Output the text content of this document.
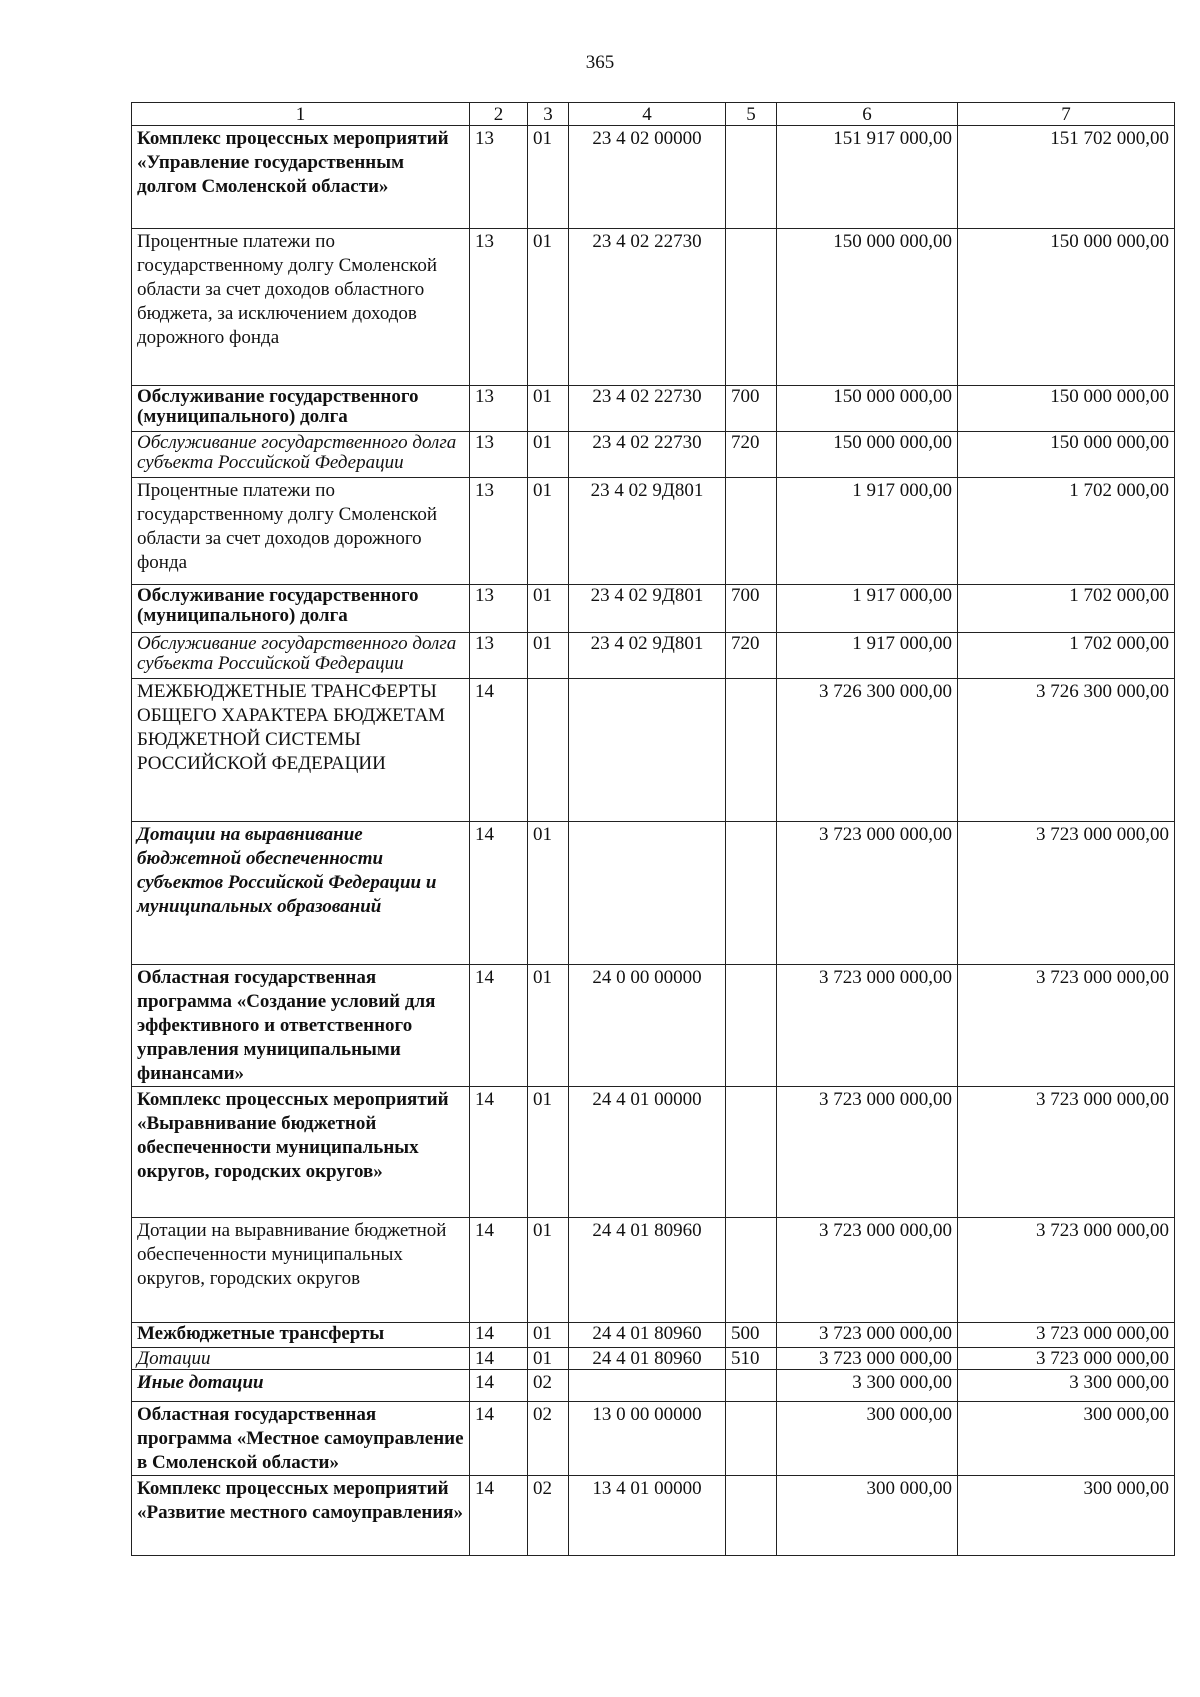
365
1	2	3	4	5	6	7
Комплекс процессных мероприятий «Управление государственным долгом Смоленской области»	13	01	23 4 02 00000		151 917 000,00	151 702 000,00
Процентные платежи по государственному долгу Смоленской области за счет доходов областного бюджета, за исключением доходов дорожного фонда	13	01	23 4 02 22730		150 000 000,00	150 000 000,00
Обслуживание государственного (муниципального) долга	13	01	23 4 02 22730	700	150 000 000,00	150 000 000,00
Обслуживание государственного долга субъекта Российской Федерации	13	01	23 4 02 22730	720	150 000 000,00	150 000 000,00
Процентные платежи по государственному долгу Смоленской области за счет доходов дорожного фонда	13	01	23 4 02 9Д801		1 917 000,00	1 702 000,00
Обслуживание государственного (муниципального) долга	13	01	23 4 02 9Д801	700	1 917 000,00	1 702 000,00
Обслуживание государственного долга субъекта Российской Федерации	13	01	23 4 02 9Д801	720	1 917 000,00	1 702 000,00
МЕЖБЮДЖЕТНЫЕ ТРАНСФЕРТЫ ОБЩЕГО ХАРАКТЕРА БЮДЖЕТАМ БЮДЖЕТНОЙ СИСТЕМЫ РОССИЙСКОЙ ФЕДЕРАЦИИ	14				3 726 300 000,00	3 726 300 000,00
Дотации на выравнивание бюджетной обеспеченности субъектов Российской Федерации и муниципальных образований	14	01			3 723 000 000,00	3 723 000 000,00
Областная государственная программа «Создание условий для эффективного и ответственного управления муниципальными финансами»	14	01	24 0 00 00000		3 723 000 000,00	3 723 000 000,00
Комплекс процессных мероприятий «Выравнивание бюджетной обеспеченности муниципальных округов, городских округов»	14	01	24 4 01 00000		3 723 000 000,00	3 723 000 000,00
Дотации на выравнивание бюджетной обеспеченности муниципальных округов, городских округов	14	01	24 4 01 80960		3 723 000 000,00	3 723 000 000,00
Межбюджетные трансферты	14	01	24 4 01 80960	500	3 723 000 000,00	3 723 000 000,00
Дотации	14	01	24 4 01 80960	510	3 723 000 000,00	3 723 000 000,00
Иные дотации	14	02			3 300 000,00	3 300 000,00
Областная государственная программа «Местное самоуправление в Смоленской области»	14	02	13 0 00 00000		300 000,00	300 000,00
Комплекс процессных мероприятий «Развитие местного самоуправления»	14	02	13 4 01 00000		300 000,00	300 000,00
